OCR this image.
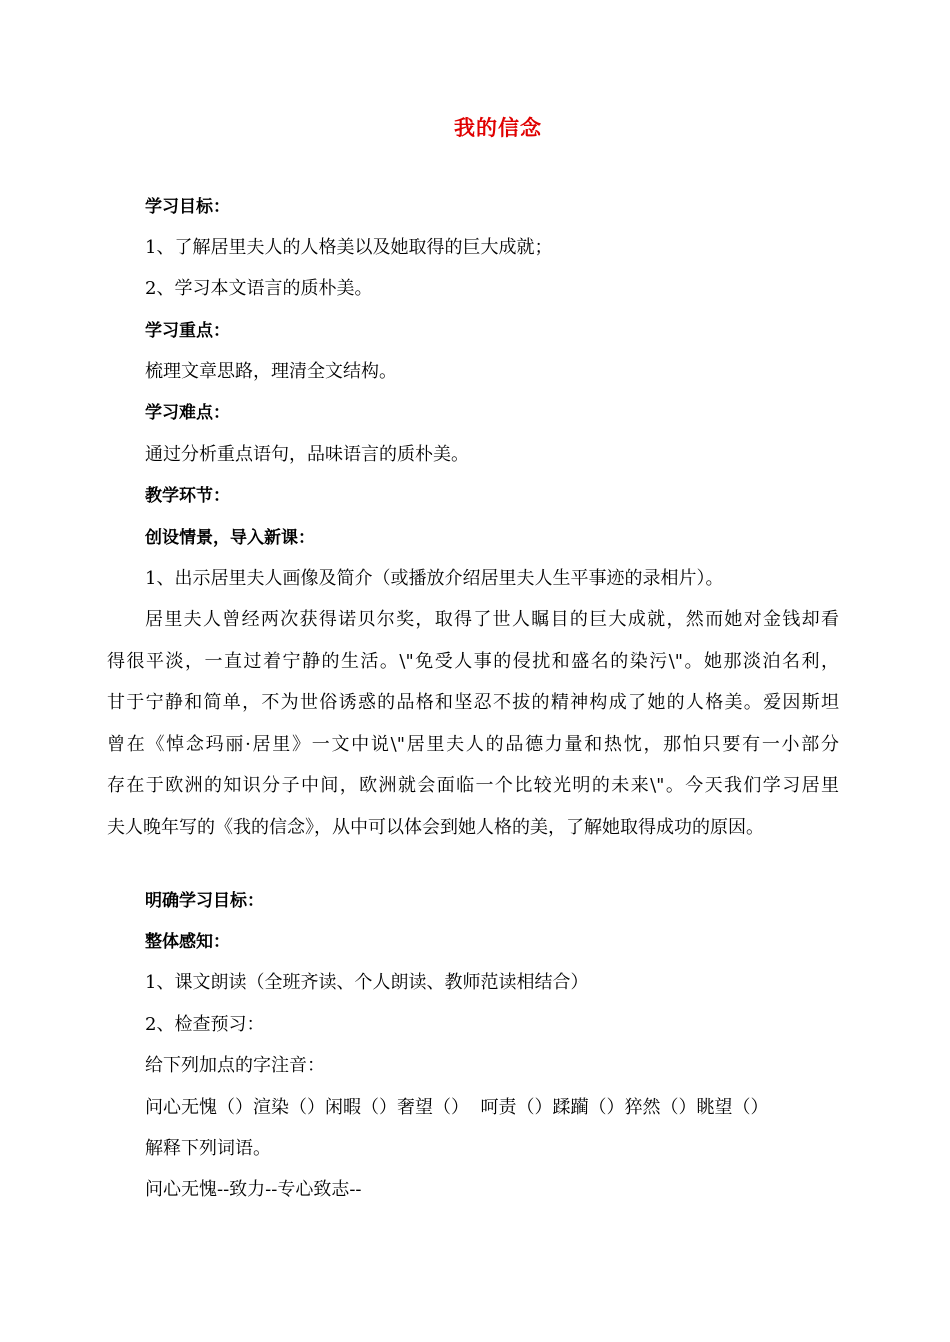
我的信念
学习目标：
1、了解居里夫人的人格美以及她取得的巨大成就；
2、学习本文语言的质朴美。
学习重点：
梳理文章思路，理清全文结构。
学习难点：
通过分析重点语句，品味语言的质朴美。
教学环节：
创设情景，导入新课：
1、出示居里夫人画像及简介（或播放介绍居里夫人生平事迹的录相片）。
居里夫人曾经两次获得诺贝尔奖，取得了世人瞩目的巨大成就，然而她对金钱却看
得很平淡，一直过着宁静的生活。\"免受人事的侵扰和盛名的染污\"。她那淡泊名利，
甘于宁静和简单，不为世俗诱惑的品格和坚忍不拔的精神构成了她的人格美。爱因斯坦
曾在《悼念玛丽·居里》一文中说\"居里夫人的品德力量和热忱，那怕只要有一小部分
存在于欧洲的知识分子中间，欧洲就会面临一个比较光明的未来\"。今天我们学习居里
夫人晚年写的《我的信念》，从中可以体会到她人格的美，了解她取得成功的原因。
明确学习目标：
整体感知：
1、课文朗读（全班齐读、个人朗读、教师范读相结合）
2、检查预习：
给下列加点的字注音：
问心无愧（）渲染（）闲暇（）奢望（）  呵责（）蹂躏（）猝然（）眺望（）
解释下列词语。
问心无愧--致力--专心致志--
